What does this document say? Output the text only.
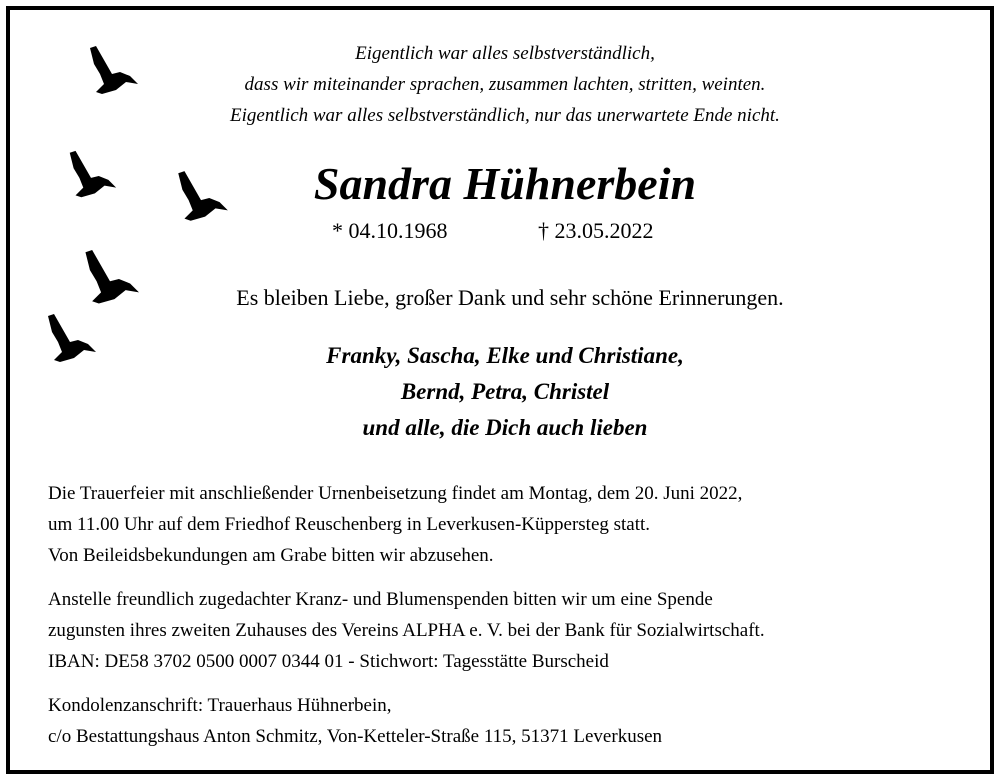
Eigentlich war alles selbstverständlich,
dass wir miteinander sprachen, zusammen lachten, stritten, weinten.
Eigentlich war alles selbstverständlich, nur das unerwartete Ende nicht.
Sandra Hühnerbein
* 04.10.1968	† 23.05.2022
Es bleiben Liebe, großer Dank und sehr schöne Erinnerungen.
Franky, Sascha, Elke und Christiane,
Bernd, Petra, Christel
und alle, die Dich auch lieben
Die Trauerfeier mit anschließender Urnenbeisetzung findet am Montag, dem 20. Juni 2022,
um 11.00 Uhr auf dem Friedhof Reuschenberg in Leverkusen-Küppersteg statt.
Von Beileidsbekundungen am Grabe bitten wir abzusehen.
Anstelle freundlich zugedachter Kranz- und Blumenspenden bitten wir um eine Spende
zugunsten ihres zweiten Zuhauses des Vereins ALPHA e. V. bei der Bank für Sozialwirtschaft.
IBAN: DE58 3702 0500 0007 0344 01 - Stichwort: Tagesstätte Burscheid
Kondolenzanschrift: Trauerhaus Hühnerbein,
c/o Bestattungshaus Anton Schmitz, Von-Ketteler-Straße 115, 51371 Leverkusen
